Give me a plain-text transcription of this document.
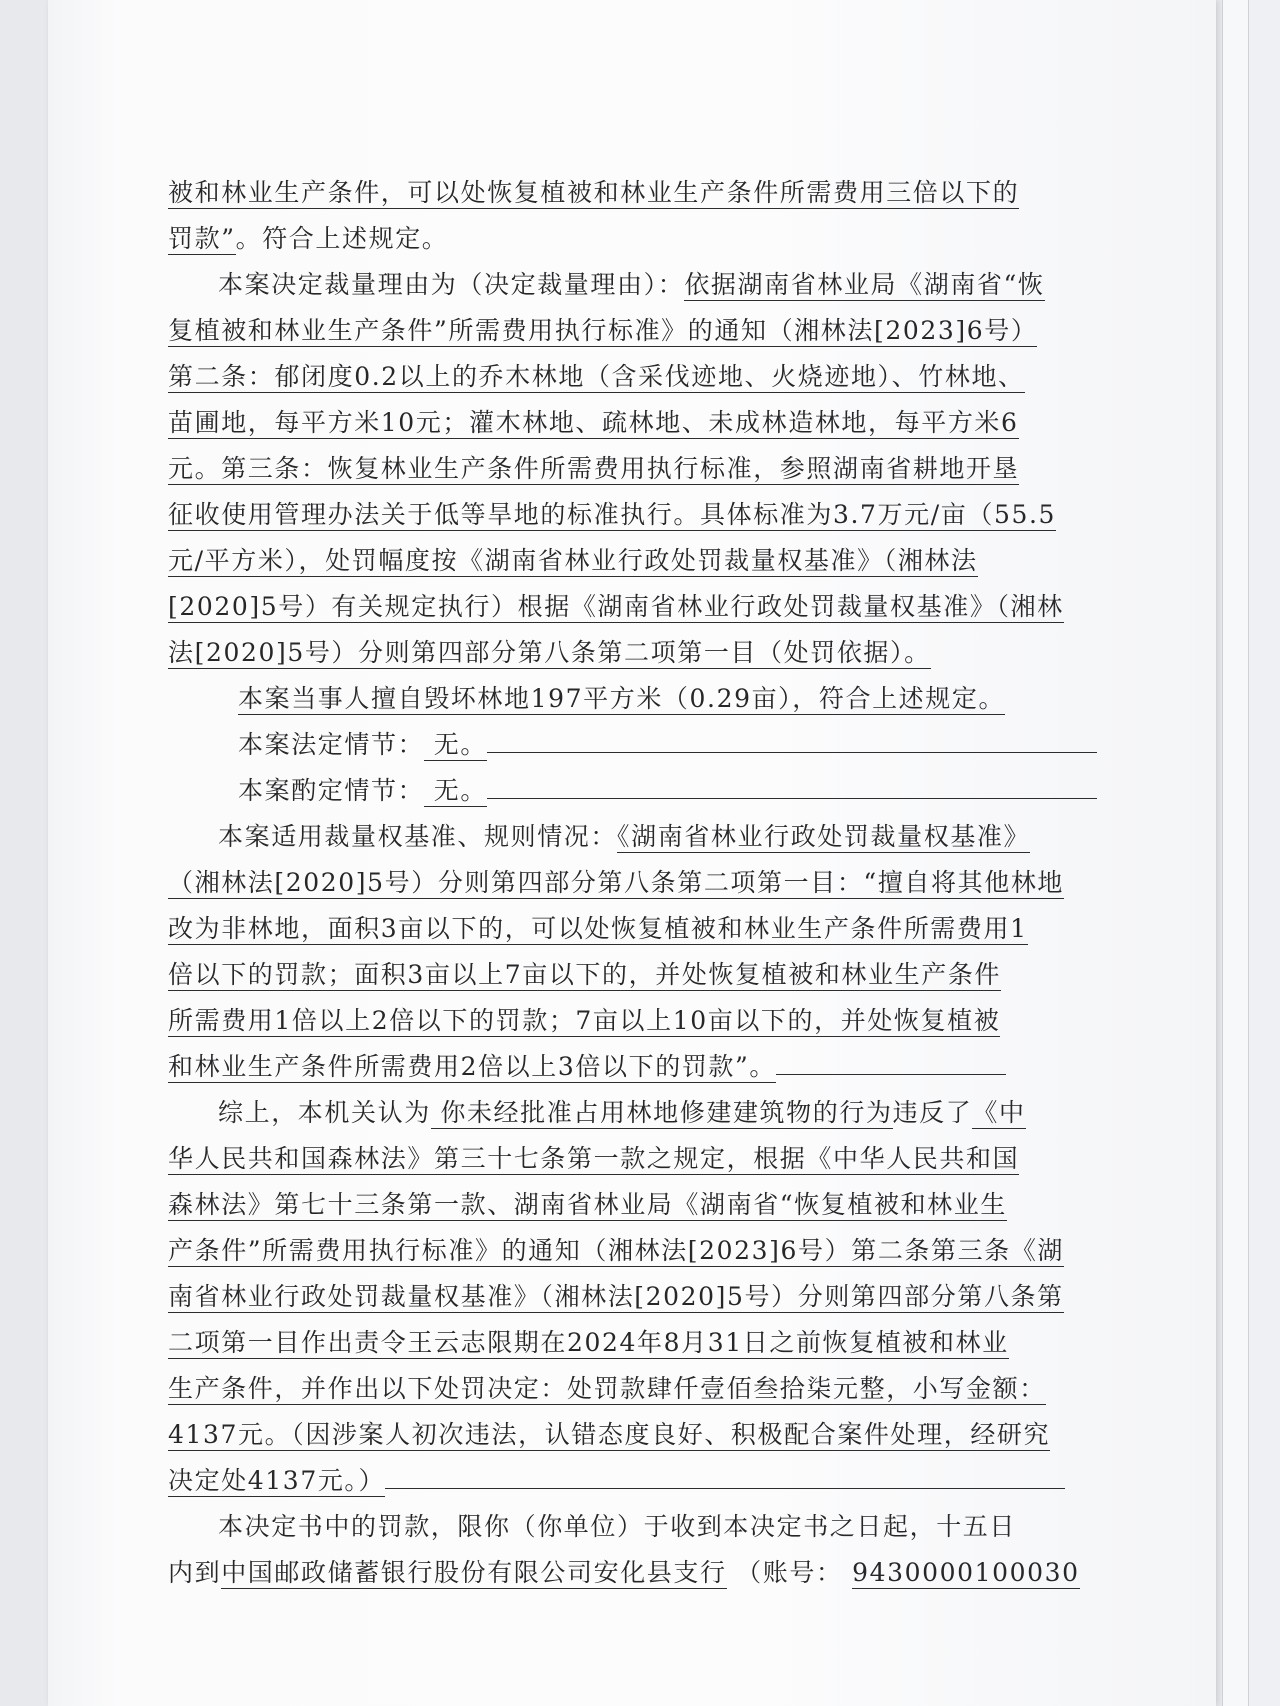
被和林业生产条件，可以处恢复植被和林业生产条件所需费用三倍以下的
罚款”。符合上述规定。
本案决定裁量理由为（决定裁量理由）：依据湖南省林业局《湖南省“恢
复植被和林业生产条件”所需费用执行标准》的通知（湘林法[2023]6号）
第二条：郁闭度0.2以上的乔木林地（含采伐迹地、火烧迹地）、竹林地、
苗圃地，每平方米10元；灌木林地、疏林地、未成林造林地，每平方米6
元。第三条：恢复林业生产条件所需费用执行标准，参照湖南省耕地开垦
征收使用管理办法关于低等旱地的标准执行。具体标准为3.7万元/亩（55.5
元/平方米），处罚幅度按《湖南省林业行政处罚裁量权基准》（湘林法
[2020]5号）有关规定执行）根据《湖南省林业行政处罚裁量权基准》（湘林
法[2020]5号）分则第四部分第八条第二项第一目（处罚依据）。
本案当事人擅自毁坏林地197平方米（0.29亩），符合上述规定。
本案法定情节： 无。
本案酌定情节： 无。
本案适用裁量权基准、规则情况：《湖南省林业行政处罚裁量权基准》
（湘林法[2020]5号）分则第四部分第八条第二项第一目：“擅自将其他林地
改为非林地，面积3亩以下的，可以处恢复植被和林业生产条件所需费用1
倍以下的罚款；面积3亩以上7亩以下的，并处恢复植被和林业生产条件
所需费用1倍以上2倍以下的罚款；7亩以上10亩以下的，并处恢复植被
和林业生产条件所需费用2倍以上3倍以下的罚款”。
综上，本机关认为 你未经批准占用林地修建建筑物的行为违反了《中
华人民共和国森林法》第三十七条第一款之规定，根据《中华人民共和国
森林法》第七十三条第一款、湖南省林业局《湖南省“恢复植被和林业生
产条件”所需费用执行标准》的通知（湘林法[2023]6号）第二条第三条《湖
南省林业行政处罚裁量权基准》（湘林法[2020]5号）分则第四部分第八条第
二项第一目作出责令王云志限期在2024年8月31日之前恢复植被和林业
生产条件，并作出以下处罚决定：处罚款肆仟壹佰叁拾柒元整，小写金额：
4137元。（因涉案人初次违法，认错态度良好、积极配合案件处理，经研究
决定处4137元。）
本决定书中的罚款，限你（你单位）于收到本决定书之日起，十五日
内到中国邮政储蓄银行股份有限公司安化县支行 （账号： 9430000100030
